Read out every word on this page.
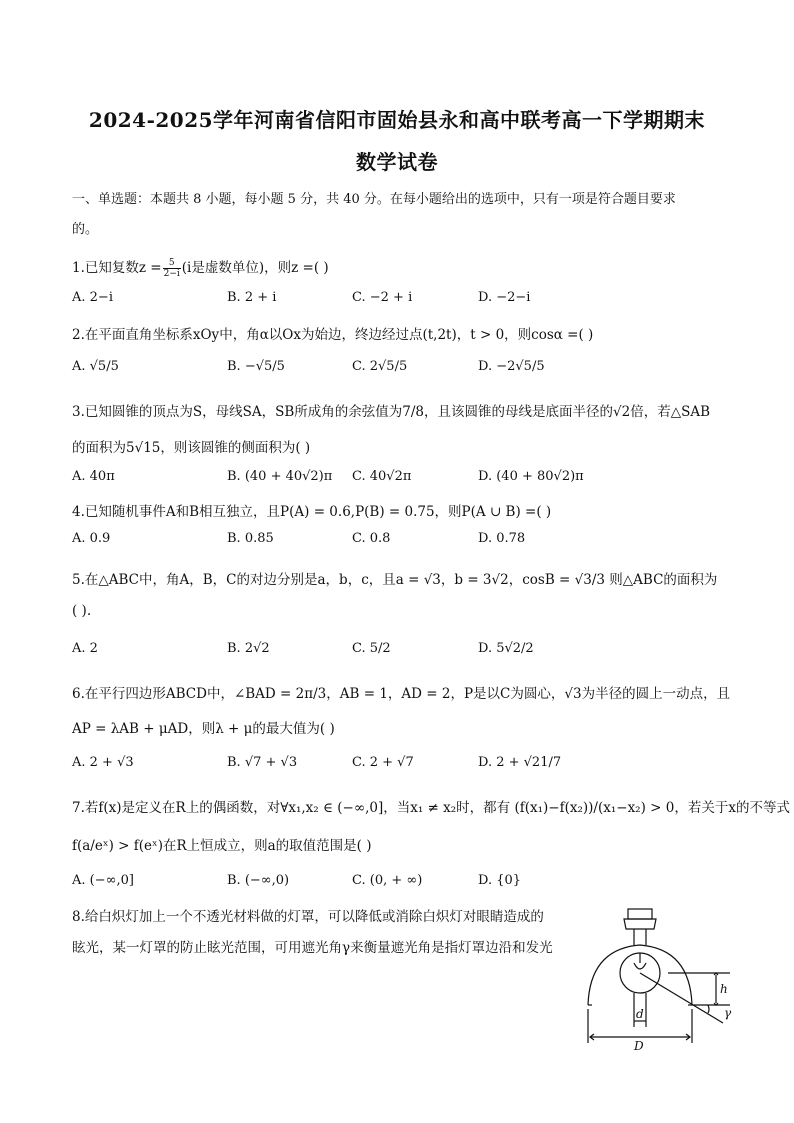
2024-2025学年河南省信阳市固始县永和高中联考高一下学期期末
数学试卷
一、单选题：本题共 8 小题，每小题 5 分，共 40 分。在每小题给出的选项中，只有一项是符合题目要求
的。
1.已知复数$z = \frac{5}{2-i} (i$是虚数单位)，则z =( )
A. 2−i	B. 2 + i	C. −2 + i	D. −2−i
2.在平面直角坐标系xOy中，角α以Ox为始边，终边经过点(t,2t)，t > 0，则cosα =( )
A. √5/5	B. −√5/5	C. 2√5/5	D. −2√5/5
3.已知圆锥的顶点为S，母线SA，SB所成角的余弦值为7/8，且该圆锥的母线是底面半径的√2倍，若△SAB
的面积为5√15，则该圆锥的侧面积为( )
A. 40π	B. (40 + 40√2)π C. 40√2π	D. (40 + 80√2)π
4.已知随机事件A和B相互独立，且P(A) = 0.6,P(B) = 0.75，则P(A ∪ B) =( )
A. 0.9	B. 0.85	C. 0.8	D. 0.78
5.在△ABC中，角A，B，C的对边分别是a，b，c，且a = √3，b = 3√2，cosB = √3/3 则△ABC的面积为
( ).
A. 2	B. 2√2	C. 5/2	D. 5√2/2
6.在平行四边形ABCD中，∠BAD = 2π/3，AB = 1，AD = 2，P是以C为圆心，√3为半径的圆上一动点，且
AP = λAB + μAD，则λ + μ的最大值为( )
A. 2 + √3	B. √7 + √3	C. 2 + √7	D. 2 + √21/7
7.若f(x)是定义在R上的偶函数，对∀x₁,x₂ ∈ (−∞,0]，当x₁ ≠ x₂时，都有 (f(x₁)−f(x₂))/(x₁−x₂) > 0，若关于x的不等式
f(a/eˣ) > f(eˣ)在R上恒成立，则a的取值范围是( )
A. (−∞,0]	B. (−∞,0)	C. (0, + ∞)	D. {0}
8.给白炽灯加上一个不透光材料做的灯罩，可以降低或消除白炽灯对眼睛造成的
眩光，某一灯罩的防止眩光范围，可用遮光角γ来衡量遮光角是指灯罩边沿和发光
h
γ
d
D
